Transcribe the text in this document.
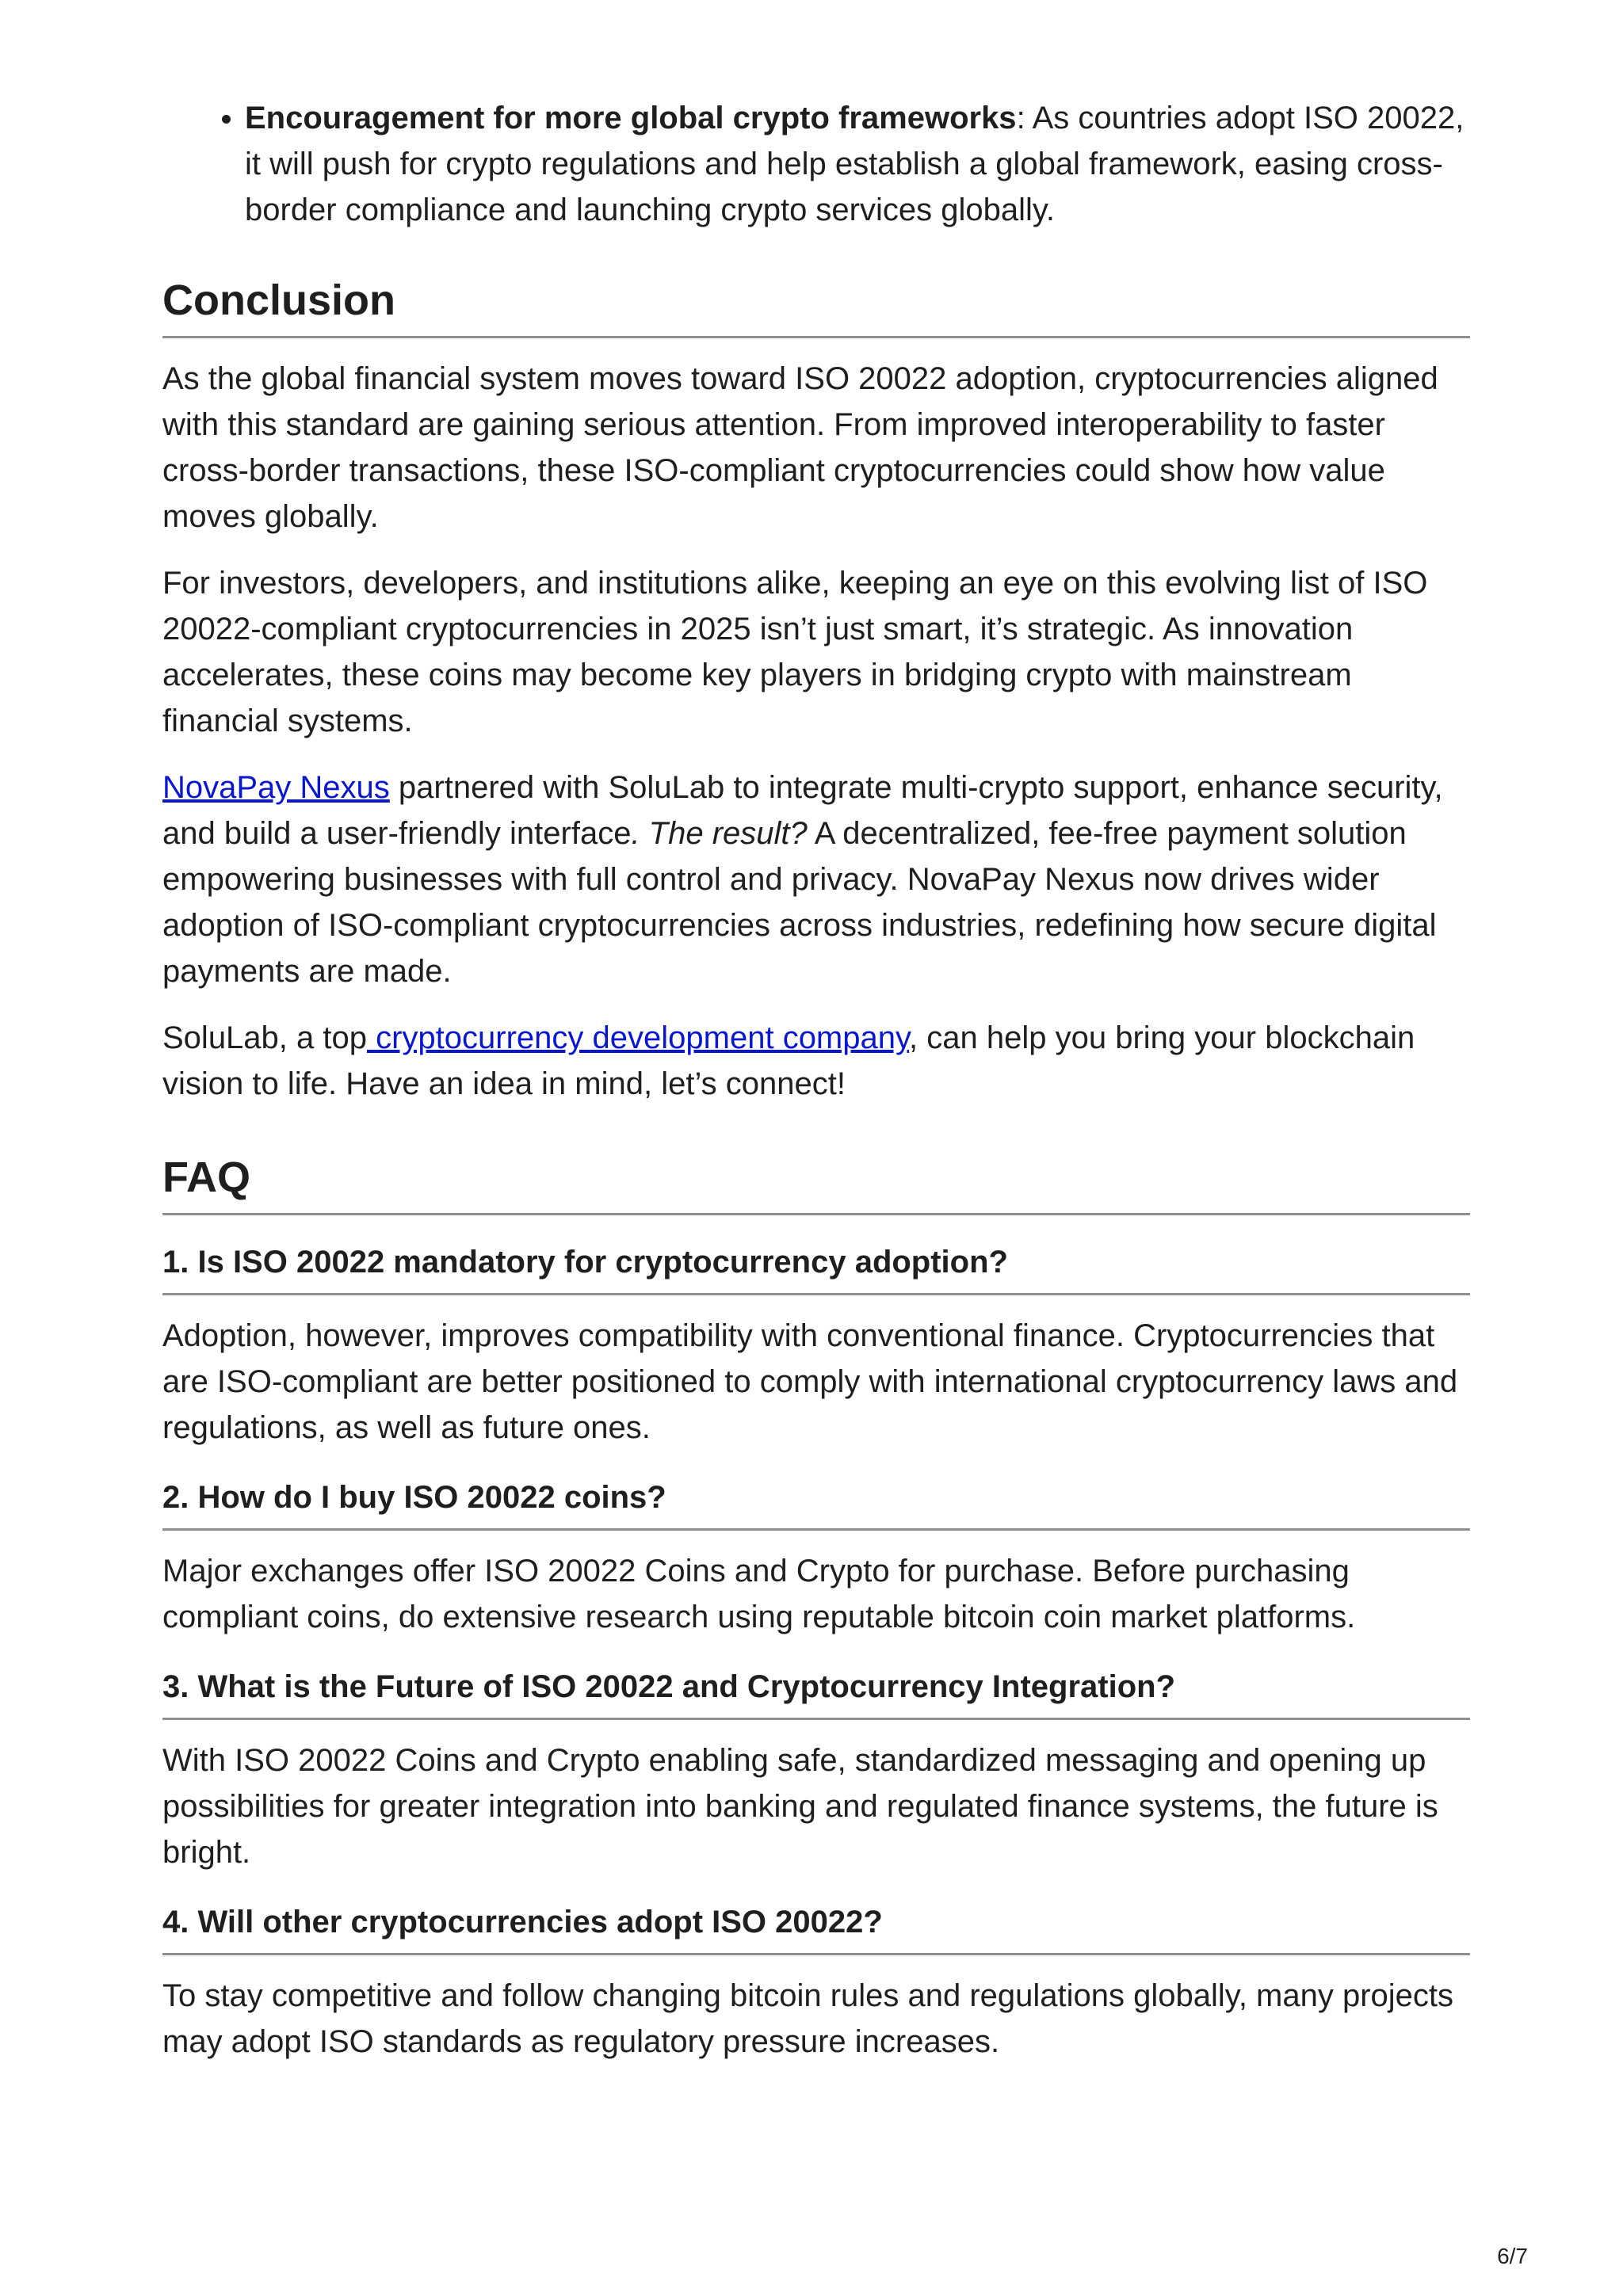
• Encouragement for more global crypto frameworks: As countries adopt ISO 20022, it will push for crypto regulations and help establish a global framework, easing cross-border compliance and launching crypto services globally.
Conclusion

As the global financial system moves toward ISO 20022 adoption, cryptocurrencies aligned with this standard are gaining serious attention. From improved interoperability to faster cross-border transactions, these ISO-compliant cryptocurrencies could show how value moves globally.

For investors, developers, and institutions alike, keeping an eye on this evolving list of ISO 20022-compliant cryptocurrencies in 2025 isn’t just smart, it’s strategic. As innovation accelerates, these coins may become key players in bridging crypto with mainstream financial systems.

NovaPay Nexus partnered with SoluLab to integrate multi-crypto support, enhance security, and build a user-friendly interface. The result? A decentralized, fee-free payment solution empowering businesses with full control and privacy. NovaPay Nexus now drives wider adoption of ISO-compliant cryptocurrencies across industries, redefining how secure digital payments are made.

SoluLab, a top cryptocurrency development company, can help you bring your blockchain vision to life. Have an idea in mind, let’s connect!

FAQ
1. Is ISO 20022 mandatory for cryptocurrency adoption?

Adoption, however, improves compatibility with conventional finance. Cryptocurrencies that are ISO-compliant are better positioned to comply with international cryptocurrency laws and regulations, as well as future ones.

2. How do I buy ISO 20022 coins?

Major exchanges offer ISO 20022 Coins and Crypto for purchase. Before purchasing compliant coins, do extensive research using reputable bitcoin coin market platforms.

3. What is the Future of ISO 20022 and Cryptocurrency Integration?

With ISO 20022 Coins and Crypto enabling safe, standardized messaging and opening up possibilities for greater integration into banking and regulated finance systems, the future is bright.

4. Will other cryptocurrencies adopt ISO 20022?

To stay competitive and follow changing bitcoin rules and regulations globally, many projects may adopt ISO standards as regulatory pressure increases.

6/7
